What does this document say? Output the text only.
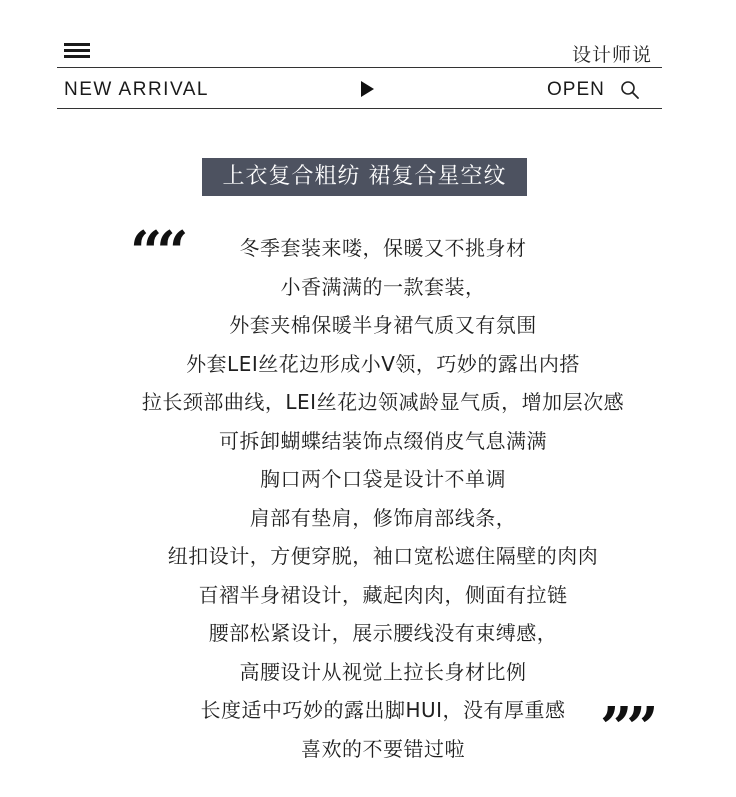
设计师说
NEW ARRIVAL	OPEN
上衣复合粗纺 裙复合星空纹
““	冬季套装来喽，保暖又不挑身材
小香满满的一款套装，
外套夹棉保暖半身裙气质又有氛围
外套LEI丝花边形成小V领，巧妙的露出内搭
拉长颈部曲线，LEI丝花边领减龄显气质，增加层次感
可拆卸蝴蝶结装饰点缀俏皮气息满满
胸口两个口袋是设计不单调
肩部有垫肩，修饰肩部线条，
纽扣设计，方便穿脱，袖口宽松遮住隔壁的肉肉
百褶半身裙设计，藏起肉肉，侧面有拉链
腰部松紧设计，展示腰线没有束缚感，
高腰设计从视觉上拉长身材比例
长度适中巧妙的露出脚HUI，没有厚重感
喜欢的不要错过啦	””
